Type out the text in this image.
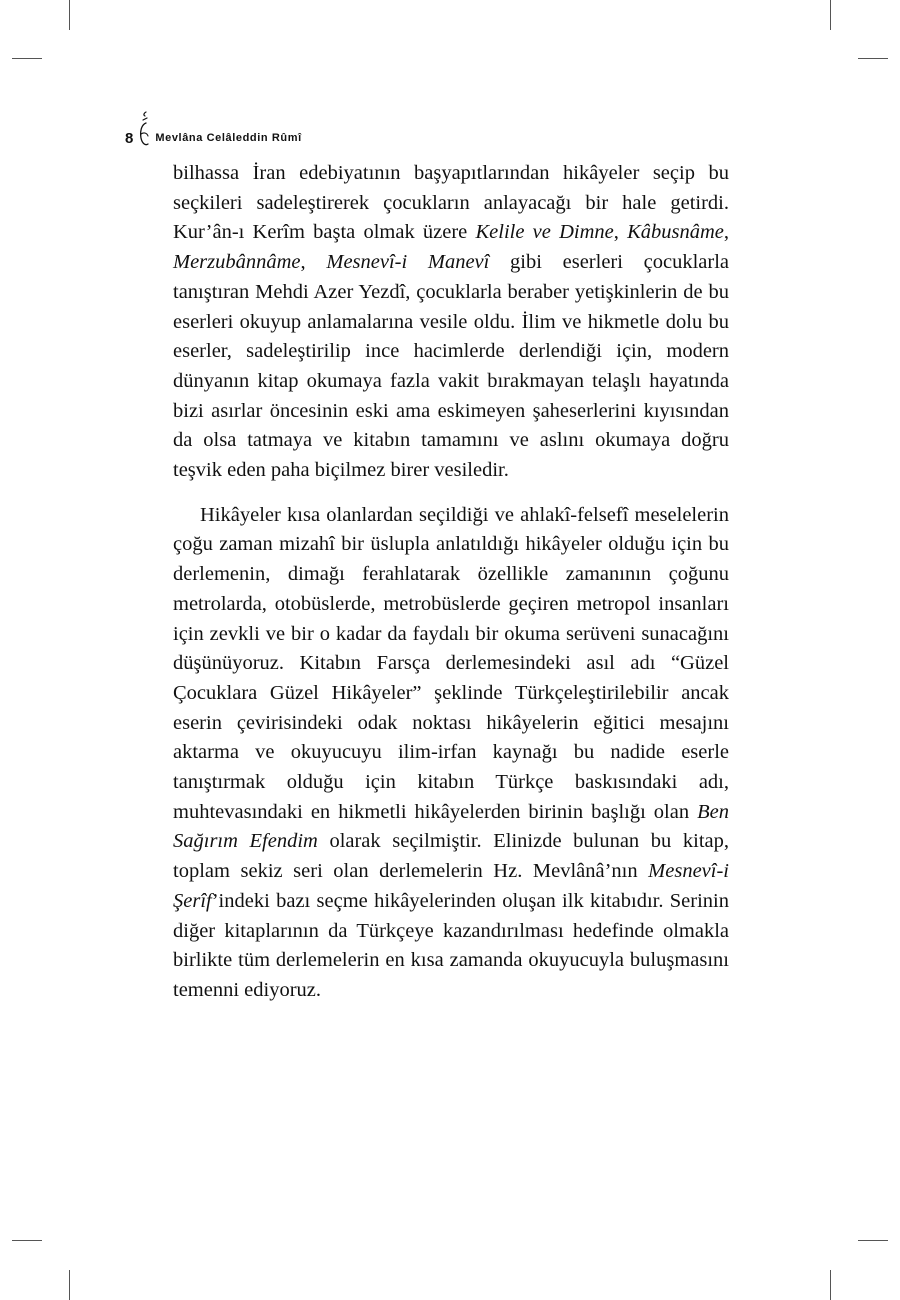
8 Mevlâna Celâleddin Rûmî

bilhassa İran edebiyatının başyapıtlarından hikâyeler seçip bu seçkileri sadeleştirerek çocukların anlayacağı bir hale getirdi. Kur’ân-ı Kerîm başta olmak üzere Kelile ve Dimne, Kâbusnâme, Merzubânnâme, Mesnevî-i Manevî gibi eserleri çocuklarla tanıştıran Mehdi Azer Yezdî, çocuklarla beraber yetişkinlerin de bu eserleri okuyup anlamalarına vesile oldu. İlim ve hikmetle dolu bu eserler, sadeleştirilip ince hacimlerde derlendiği için, modern dünyanın kitap okumaya fazla vakit bırakmayan telaşlı hayatında bizi asırlar öncesinin eski ama eskimeyen şaheserlerini kıyısından da olsa tatmaya ve kitabın tamamını ve aslını okumaya doğru teşvik eden paha biçilmez birer vesiledir.

Hikâyeler kısa olanlardan seçildiği ve ahlakî-felsefî meselelerin çoğu zaman mizahî bir üslupla anlatıldığı hikâyeler olduğu için bu derlemenin, dimağı ferahlatarak özellikle zamanının çoğunu metrolarda, otobüslerde, metrobüslerde geçiren metropol insanları için zevkli ve bir o kadar da faydalı bir okuma serüveni sunacağını düşünüyoruz. Kitabın Farsça derlemesindeki asıl adı “Güzel Çocuklara Güzel Hikâyeler” şeklinde Türkçeleştirilebilir ancak eserin çevirisindeki odak noktası hikâyelerin eğitici mesajını aktarma ve okuyucuyu ilim-irfan kaynağı bu nadide eserle tanıştırmak olduğu için kitabın Türkçe baskısındaki adı, muhtevasındaki en hikmetli hikâyelerden birinin başlığı olan Ben Sağırım Efendim olarak seçilmiştir. Elinizde bulunan bu kitap, toplam sekiz seri olan derlemelerin Hz. Mevlânâ’nın Mesnevî-i Şerîf’indeki bazı seçme hikâyelerinden oluşan ilk kitabıdır. Serinin diğer kitaplarının da Türkçeye kazandırılması hedefinde olmakla birlikte tüm derlemelerin en kısa zamanda okuyucuyla buluşmasını temenni ediyoruz.
